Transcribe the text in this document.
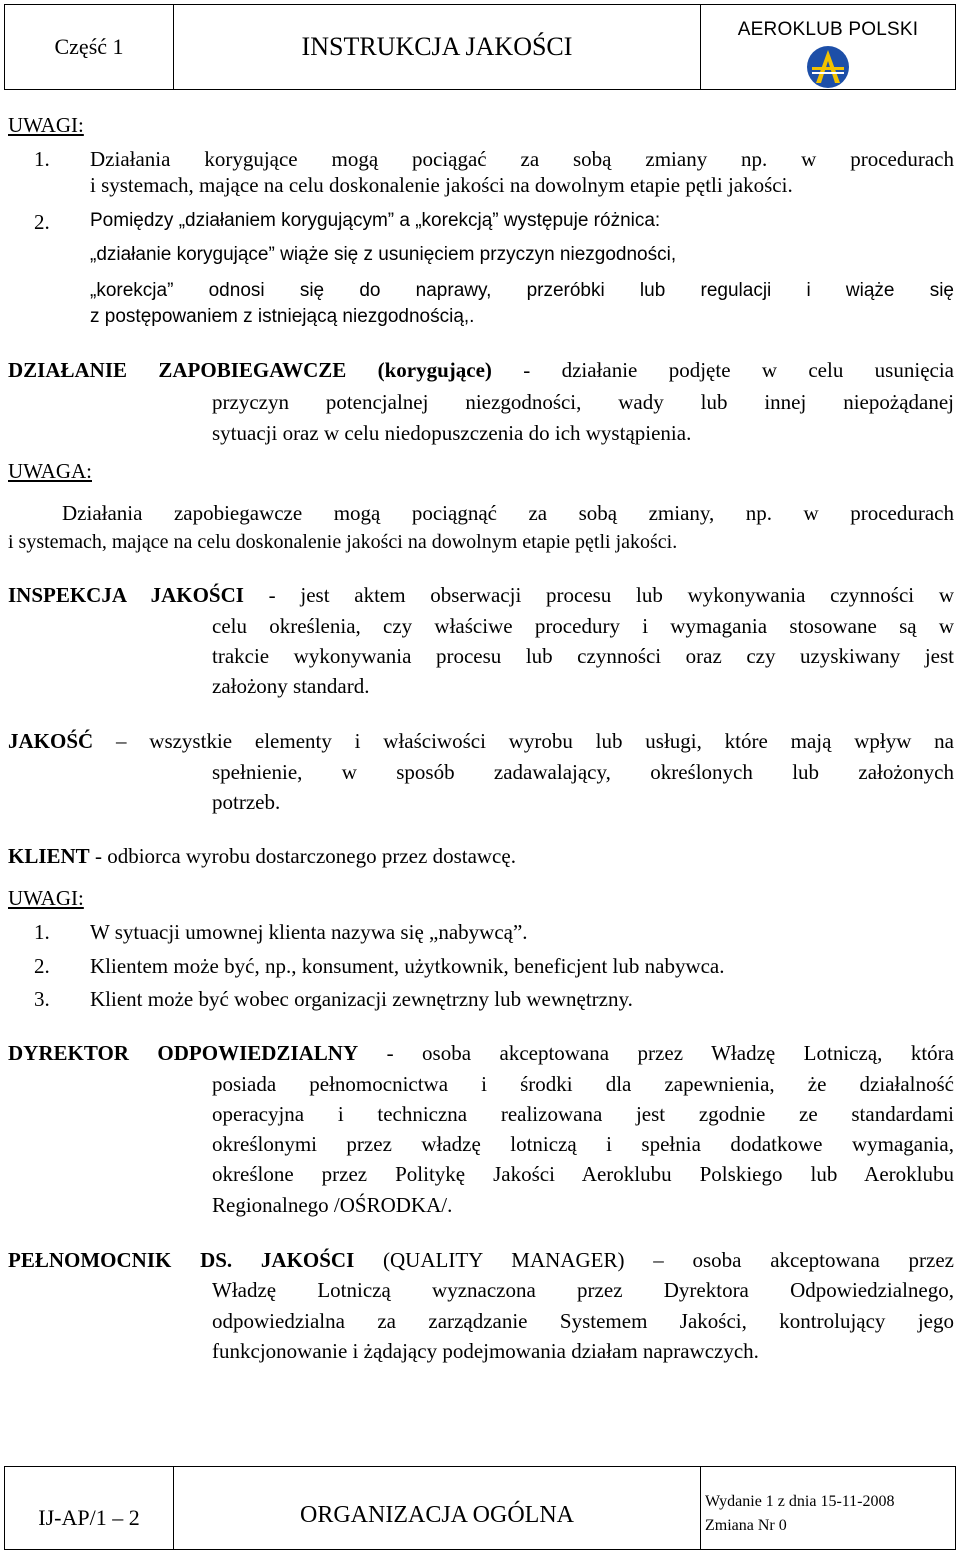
Część 1	INSTRUKCJA JAKOŚCI
AEROKLUB POLSKI
UWAGI:
1. Działania korygujące mogą pociągać za sobą zmiany np. w procedurach
i systemach, mające na celu doskonalenie jakości na dowolnym etapie pętli jakości.
2. Pomiędzy „działaniem korygującym” a „korekcją” występuje różnica:
„działanie korygujące” wiąże się z usunięciem przyczyn niezgodności,
„korekcja” odnosi się do naprawy, przeróbki lub regulacji i wiąże się
z postępowaniem z istniejącą niezgodnością,.
DZIAŁANIE ZAPOBIEGAWCZE (korygujące) - działanie podjęte w celu usunięcia
przyczyn potencjalnej niezgodności, wady lub innej niepożądanej
sytuacji oraz w celu niedopuszczenia do ich wystąpienia.
UWAGA:
Działania zapobiegawcze mogą pociągnąć za sobą zmiany, np. w procedurach
i systemach, mające na celu doskonalenie jakości na dowolnym etapie pętli jakości.
INSPEKCJA JAKOŚCI - jest aktem obserwacji procesu lub wykonywania czynności w
celu określenia, czy właściwe procedury i wymagania stosowane są w
trakcie wykonywania procesu lub czynności oraz czy uzyskiwany jest
założony standard.
JAKOŚĆ – wszystkie elementy i właściwości wyrobu lub usługi, które mają wpływ na
spełnienie, w sposób zadawalający, określonych lub założonych
potrzeb.
KLIENT - odbiorca wyrobu dostarczonego przez dostawcę.
UWAGI:
1. W sytuacji umownej klienta nazywa się „nabywcą”.
2. Klientem może być, np., konsument, użytkownik, beneficjent lub nabywca.
3. Klient może być wobec organizacji zewnętrzny lub wewnętrzny.
DYREKTOR ODPOWIEDZIALNY - osoba akceptowana przez Władzę Lotniczą, która
posiada pełnomocnictwa i środki dla zapewnienia, że działalność
operacyjna i techniczna realizowana jest zgodnie ze standardami
określonymi przez władzę lotniczą i spełnia dodatkowe wymagania,
określone przez Politykę Jakości Aeroklubu Polskiego lub Aeroklubu
Regionalnego /OŚRODKA/.
PEŁNOMOCNIK DS. JAKOŚCI (QUALITY MANAGER) – osoba akceptowana przez
Władzę Lotniczą wyznaczona przez Dyrektora Odpowiedzialnego,
odpowiedzialna za zarządzanie Systemem Jakości, kontrolujący jego
funkcjonowanie i żądający podejmowania działam naprawczych.
IJ-AP/1 – 2	ORGANIZACJA OGÓLNA
Wydanie 1 z dnia 15-11-2008
Zmiana Nr 0
